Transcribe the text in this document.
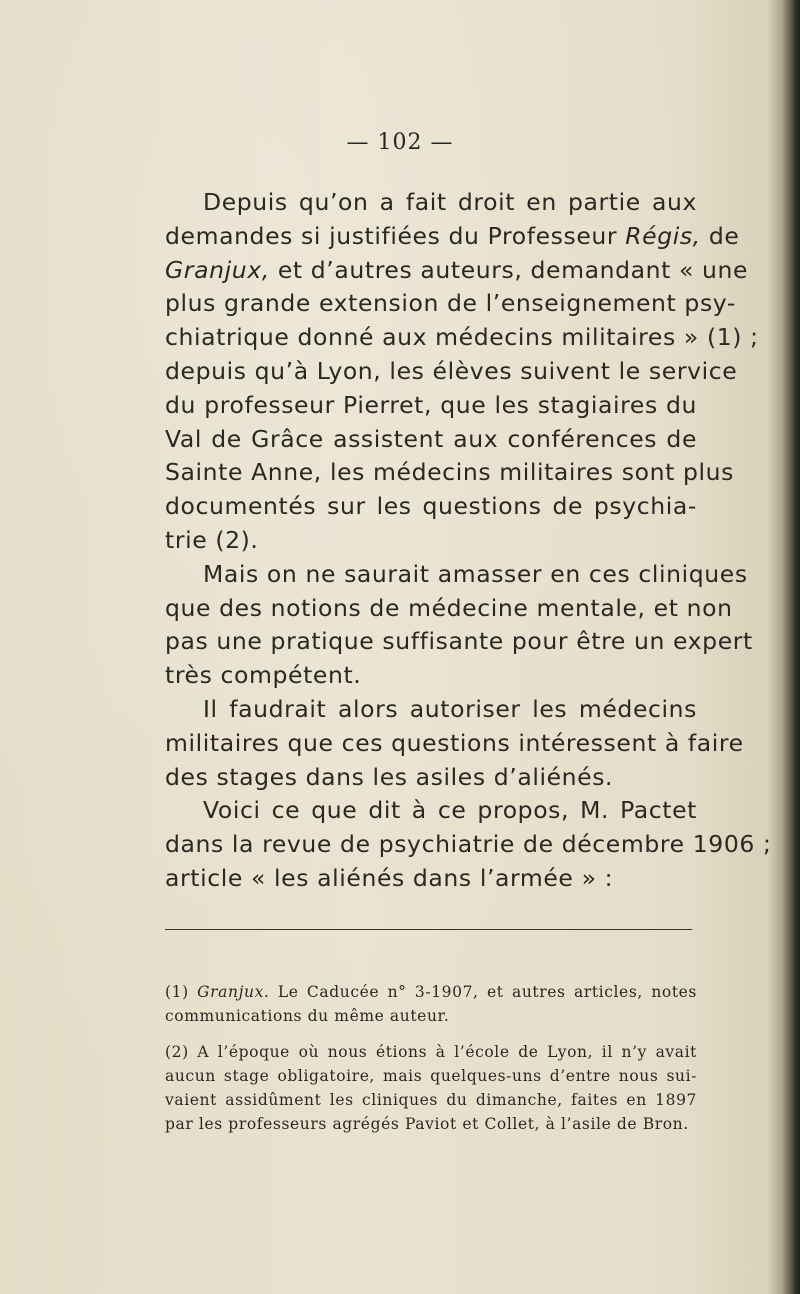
— 102 —
Depuis qu’on a fait droit en partie aux
demandes si justifiées du Professeur Régis, de
Granjux, et d’autres auteurs, demandant « une
plus grande extension de l’enseignement psy-
chiatrique donné aux médecins militaires » (1) ;
depuis qu’à Lyon, les élèves suivent le service
du professeur Pierret, que les stagiaires du
Val de Grâce assistent aux conférences de
Sainte Anne, les médecins militaires sont plus
documentés sur les questions de psychia-
trie (2).
Mais on ne saurait amasser en ces cliniques
que des notions de médecine mentale, et non
pas une pratique suffisante pour être un expert
très compétent.
Il faudrait alors autoriser les médecins
militaires que ces questions intéressent à faire
des stages dans les asiles d’aliénés.
Voici ce que dit à ce propos, M. Pactet
dans la revue de psychiatrie de décembre 1906 ;
article « les aliénés dans l’armée » :
(1) Granjux. Le Caducée n° 3-1907, et autres articles, notes
communications du même auteur.
(2) A l’époque où nous étions à l’école de Lyon, il n’y avait
aucun stage obligatoire, mais quelques-uns d’entre nous sui-
vaient assidûment les cliniques du dimanche, faites en 1897
par les professeurs agrégés Paviot et Collet, à l’asile de Bron.
